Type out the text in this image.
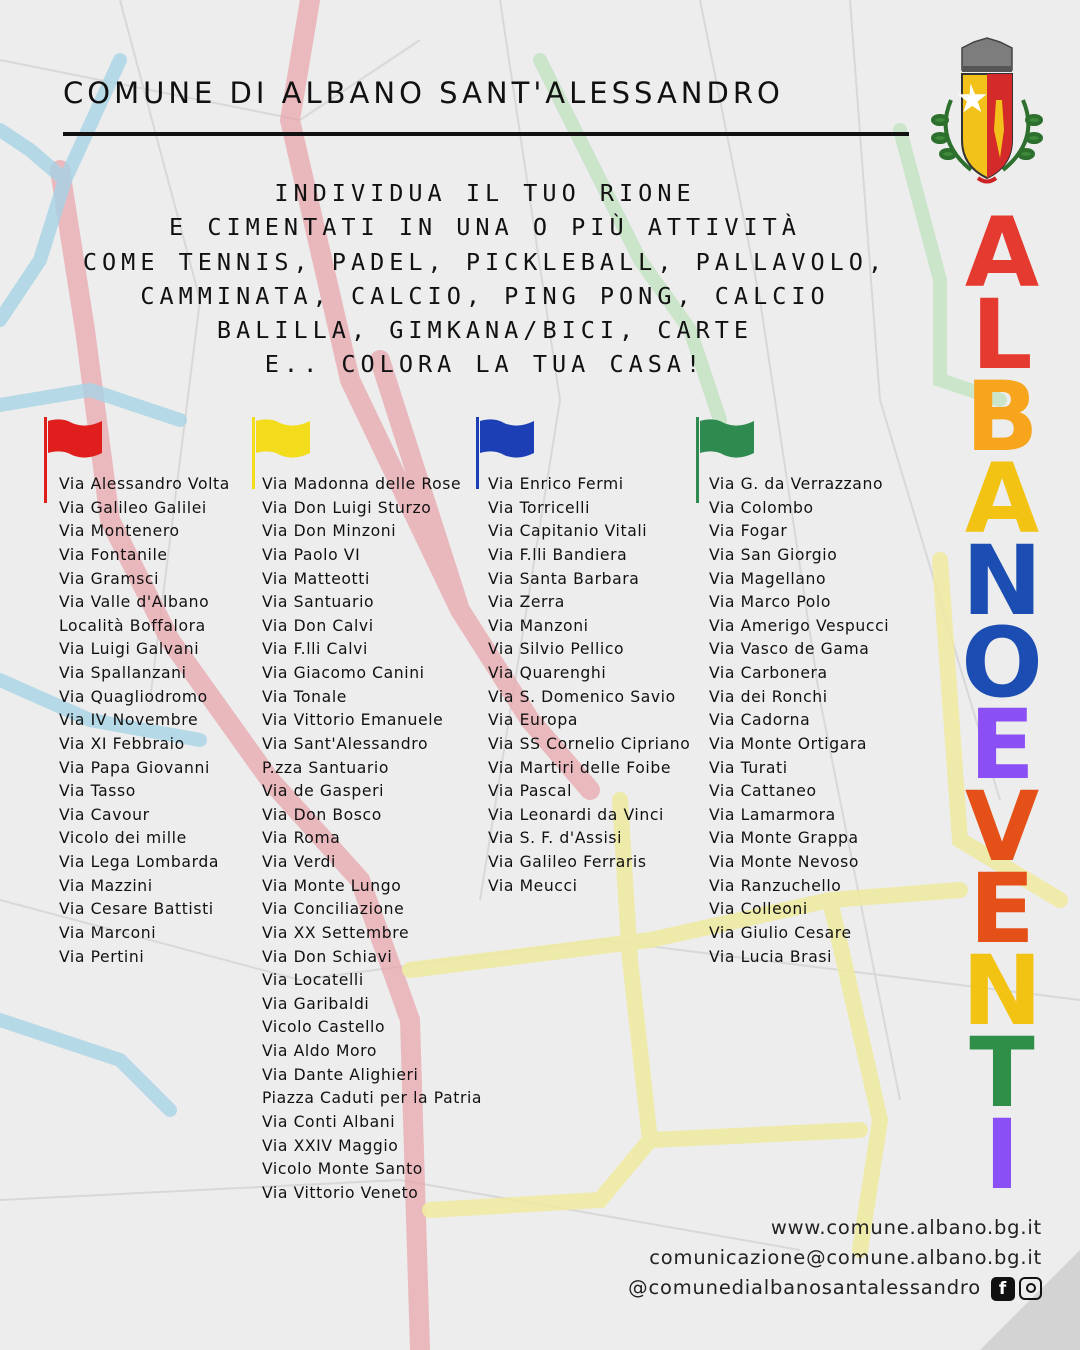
COMUNE DI ALBANO SANT'ALESSANDRO
INDIVIDUA IL TUO RIONE
E CIMENTATI IN UNA O PIÙ ATTIVITÀ
COME TENNIS, PADEL, PICKLEBALL, PALLAVOLO,
CAMMINATA, CALCIO, PING PONG, CALCIO
BALILLA, GIMKANA/BICI, CARTE
E.. COLORA LA TUA CASA!
Via Alessandro Volta
Via Galileo Galilei
Via Montenero
Via Fontanile
Via Gramsci
Via Valle d'Albano
Località Boffalora
Via Luigi Galvani
Via Spallanzani
Via Quagliodromo
Via IV Novembre
Via XI Febbraio
Via Papa Giovanni
Via Tasso
Via Cavour
Vicolo dei mille
Via Lega Lombarda
Via Mazzini
Via Cesare Battisti
Via Marconi
Via Pertini
Via Madonna delle Rose
Via Don Luigi Sturzo
Via Don Minzoni
Via Paolo VI
Via Matteotti
Via Santuario
Via Don Calvi
Via F.lli Calvi
Via Giacomo Canini
Via Tonale
Via Vittorio Emanuele
Via Sant'Alessandro
P.zza Santuario
Via de Gasperi
Via Don Bosco
Via Roma
Via Verdi
Via Monte Lungo
Via Conciliazione
Via XX Settembre
Via Don Schiavi
Via Locatelli
Via Garibaldi
Vicolo Castello
Via Aldo Moro
Via Dante Alighieri
Piazza Caduti per la Patria
Via Conti Albani
Via XXIV Maggio
Vicolo Monte Santo
Via Vittorio Veneto
Via Enrico Fermi
Via Torricelli
Via Capitanio Vitali
Via F.lli Bandiera
Via Santa Barbara
Via Zerra
Via Manzoni
Via Silvio Pellico
Via Quarenghi
Via S. Domenico Savio
Via Europa
Via SS Cornelio Cipriano
Via Martiri delle Foibe
Via Pascal
Via Leonardi da Vinci
Via S. F. d'Assisi
Via Galileo Ferraris
Via Meucci
Via G. da Verrazzano
Via Colombo
Via Fogar
Via San Giorgio
Via Magellano
Via Marco Polo
Via Amerigo Vespucci
Via Vasco de Gama
Via Carbonera
Via dei Ronchi
Via Cadorna
Via Monte Ortigara
Via Turati
Via Cattaneo
Via Lamarmora
Via Monte Grappa
Via Monte Nevoso
Via Ranzuchello
Via Colleoni
Via Giulio Cesare
Via Lucia Brasi
A
L
B
A
N
O
E
V
E
N
T
I
www.comune.albano.bg.it
comunicazione@comune.albano.bg.it
@comunedialbanosantalessandro	f
